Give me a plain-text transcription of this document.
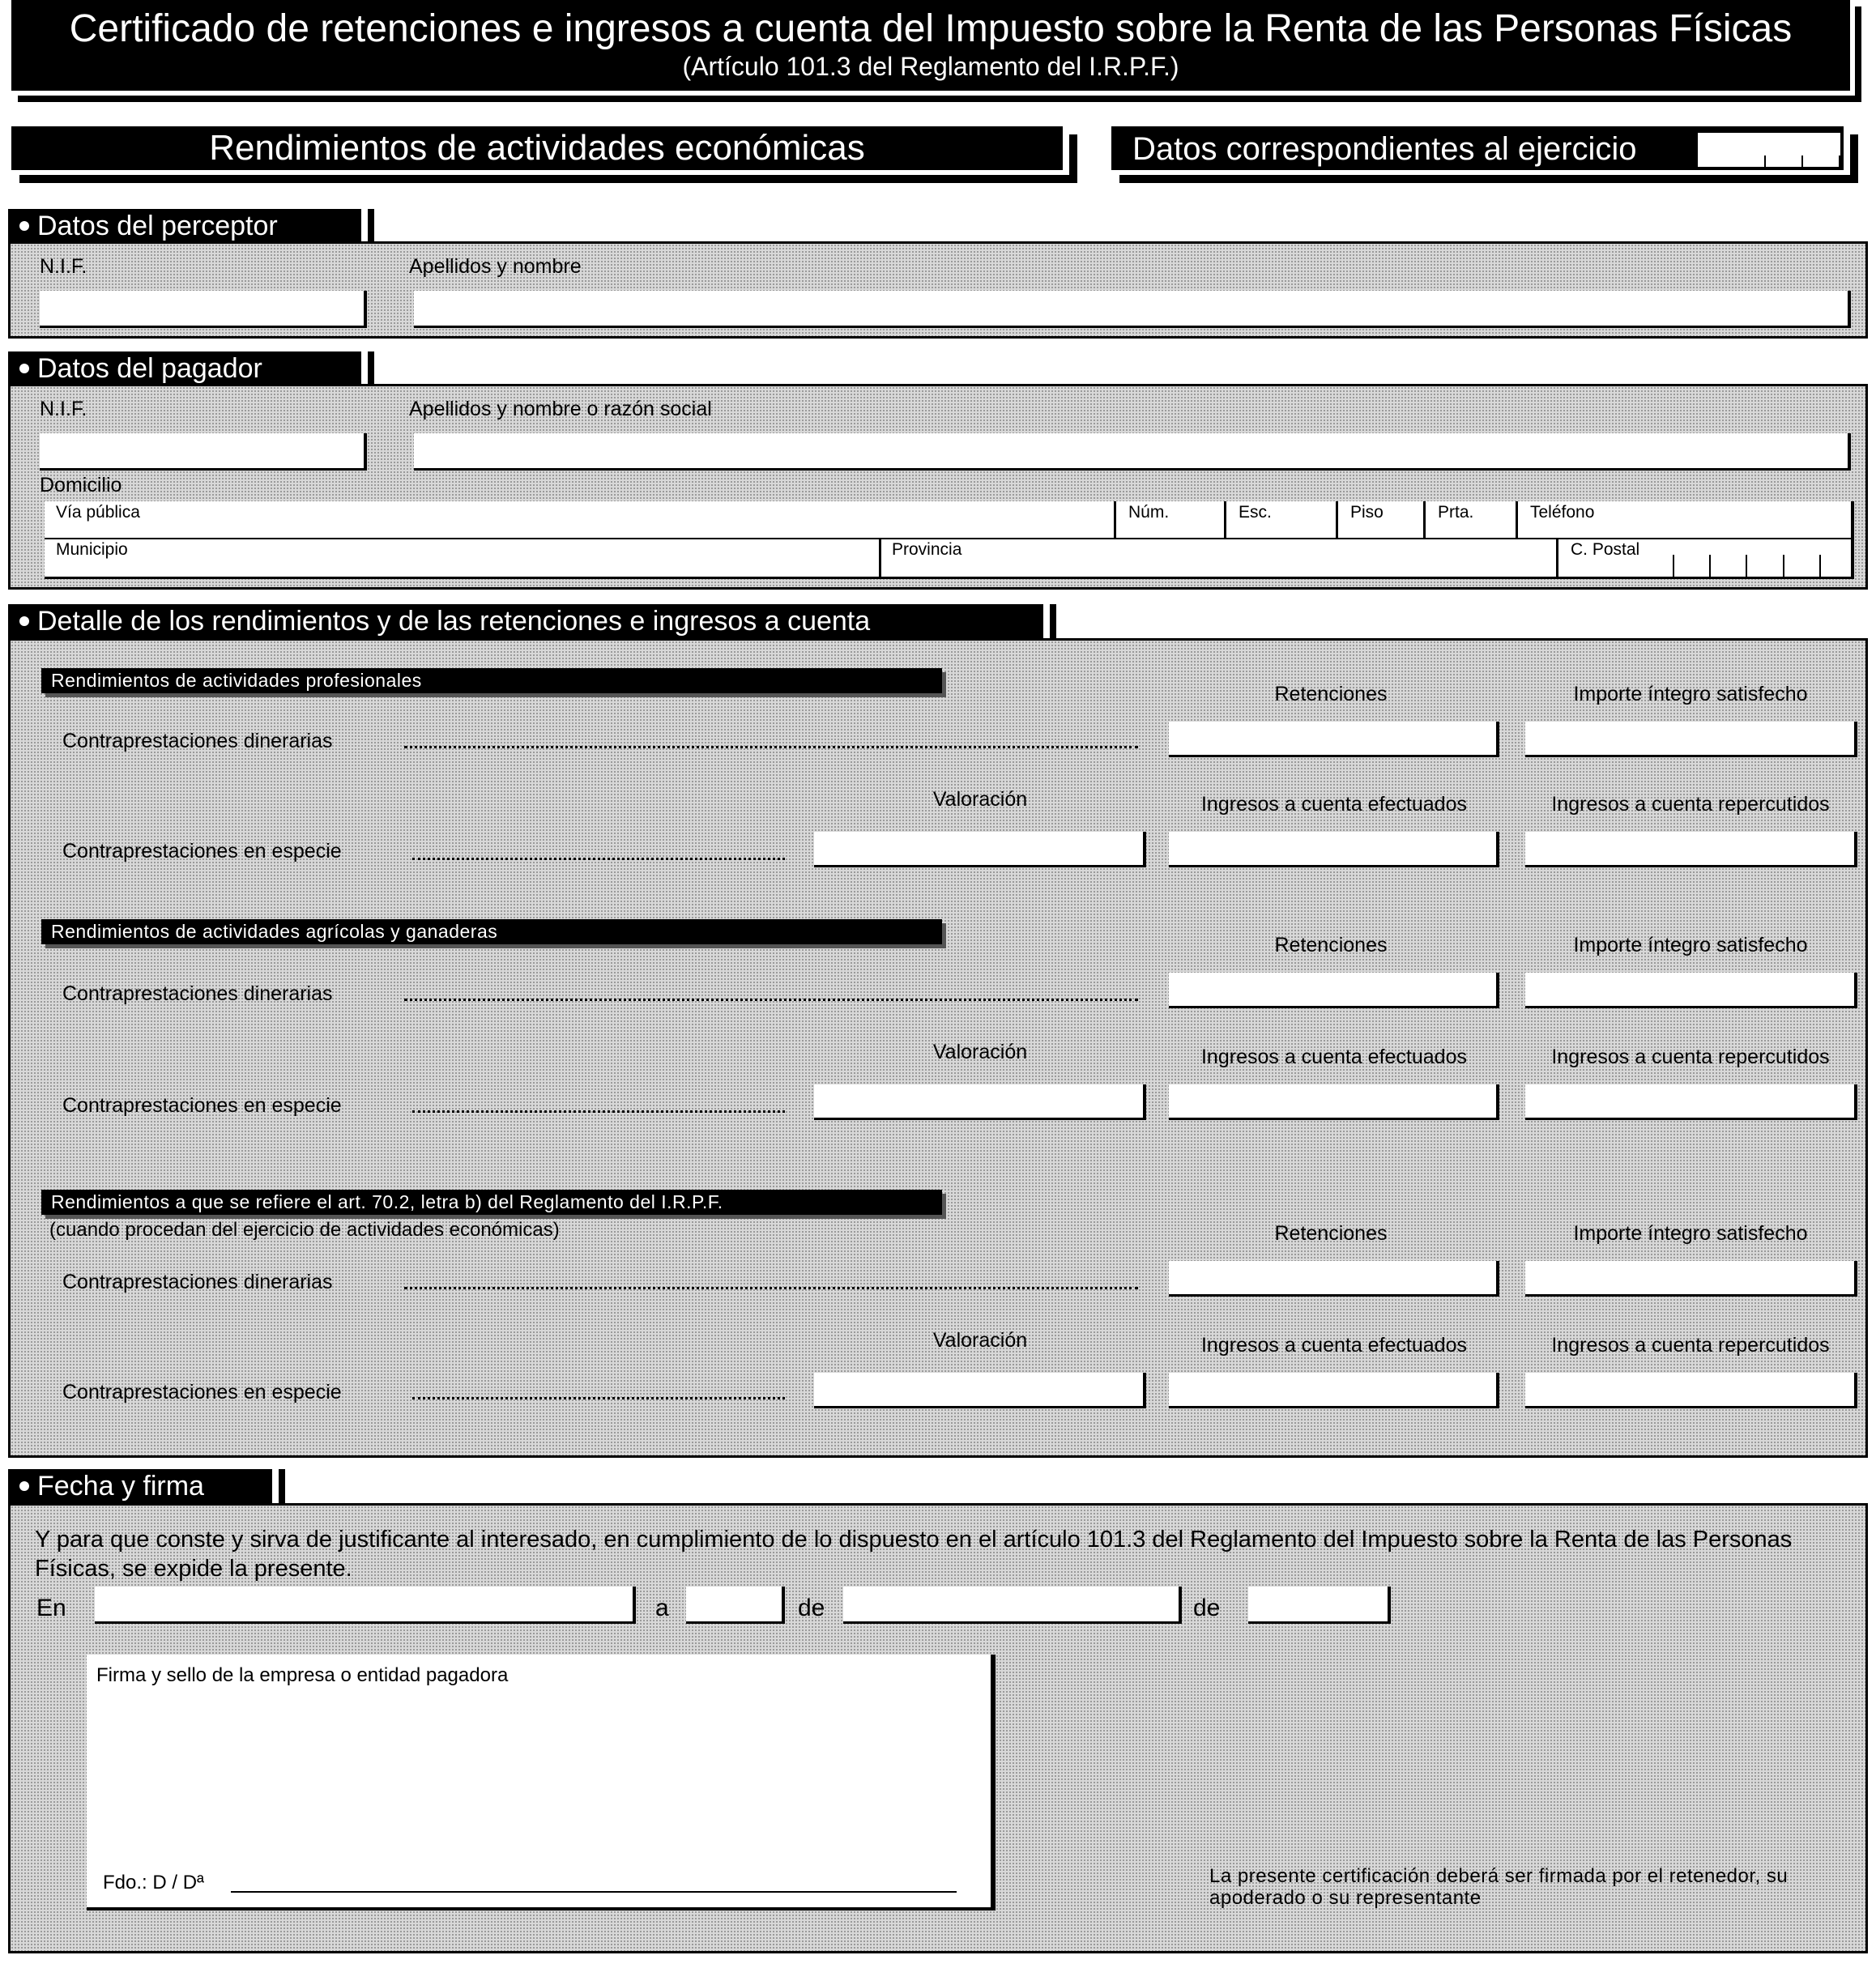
Certificado de retenciones e ingresos a cuenta del Impuesto sobre la Renta de las Personas Físicas
(Artículo 101.3 del Reglamento del I.R.P.F.)
Rendimientos de actividades económicas	Datos correspondientes al ejercicio
Datos del perceptor
N.I.F.	Apellidos y nombre
Datos del pagador
N.I.F.	Apellidos y nombre o razón social
Domicilio
Vía pública	Núm.	Esc.	Piso	Prta.	Teléfono
Municipio	Provincia	C. Postal
Detalle de los rendimientos y de las retenciones e ingresos a cuenta
Rendimientos de actividades profesionales
Retenciones	Importe íntegro satisfecho
Contraprestaciones dinerarias
Valoración	Ingresos a cuenta efectuados	Ingresos a cuenta repercutidos
Contraprestaciones en especie
Rendimientos de actividades agrícolas y ganaderas
Retenciones	Importe íntegro satisfecho
Contraprestaciones dinerarias
Valoración	Ingresos a cuenta efectuados	Ingresos a cuenta repercutidos
Contraprestaciones en especie
Rendimientos a que se refiere el art. 70.2, letra b) del Reglamento del I.R.P.F.
(cuando procedan del ejercicio de actividades económicas)	Retenciones	Importe íntegro satisfecho
Contraprestaciones dinerarias
Valoración	Ingresos a cuenta efectuados	Ingresos a cuenta repercutidos
Contraprestaciones en especie
Fecha y firma
Y para que conste y sirva de justificante al interesado, en cumplimiento de lo dispuesto en el artículo 101.3 del Reglamento del Impuesto sobre la Renta de las Personas Físicas, se expide la presente.
En	a	de	de
Firma y sello de la empresa o entidad pagadora
Fdo.: D / Dª	La presente certificación deberá ser firmada por el retenedor, su apoderado o su representante
